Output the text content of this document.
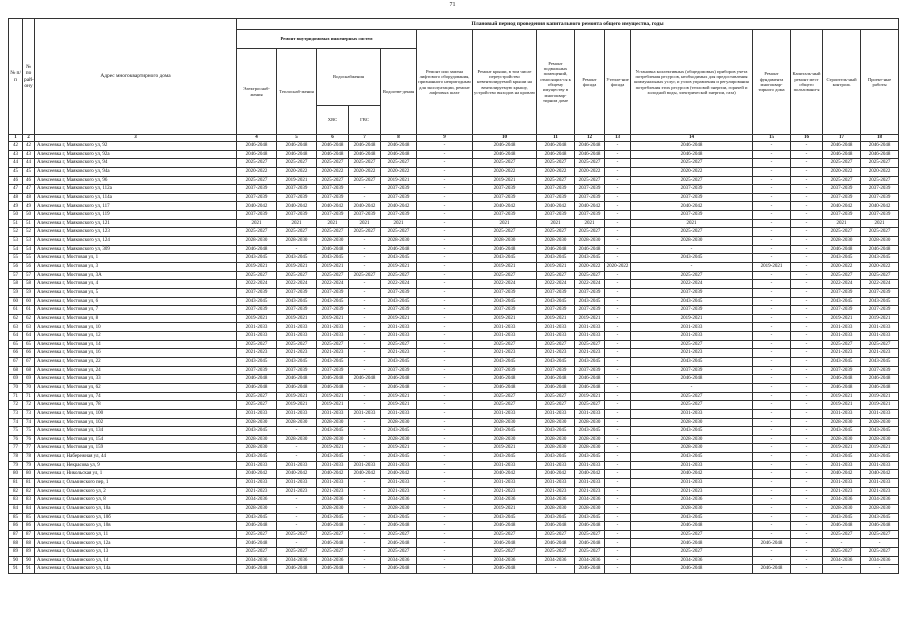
71
№ п/п	№ по рай-ону	Адрес многоквартирного дома	Плановый период проведения капитального ремонта общего имущества, годы														
			Ремонт внутридомовых инженерных систем					Ремонт или замена лифтового оборудования, признанного непригодным для эксплуатации, ремонт лифтовых шахт	Ремонт крыши, в том числе переустройство невентилируемой крыши на вентилируемую крышу, устройство выходов на кровлю	Ремонт подвальных помещений, относящих-ся к общему имуществу в многоквар-тирном доме	Ремонт фасада	Утепле-ние фасада	Установка коллективных (общедомовых) приборов учета потребления ресурсов, необходимых для предоставления коммунальных услуг, и узлов управления и регулирования потребления этих ресурсов (тепловой энергии, горячей и холодной воды, электрической энергии, газа)	Ремонт фундамента многоквар-тирного дома	Капиталь-ный ремонт мест общего пользовани-я	Строитель-ный контроль	Проект-ные работы
			Электроснаб-жения	Теплоснаб-жения	Водоснабжения		Водоотве-дения										
					ХВС	ГВС											
1	2	3	4	5	6	7	8	9	10	11	12	13	14	15	16	17	18
42	42	Алексеевка г, Маяковского ул, 92	2046-2048	2046-2048	2046-2048	2046-2048	2046-2048	-	2046-2048	2046-2048	2046-2048	-	2046-2048	-	-	2046-2048	2046-2048
43	43	Алексеевка г, Маяковского ул, 92а	2046-2048	2046-2048	2046-2048	2046-2048	2046-2048	-	2046-2048	2046-2048	2046-2048	-	2046-2048	-	-	2046-2048	2046-2048
44	44	Алексеевка г, Маяковского ул, 94	2025-2027	2025-2027	2025-2027	2025-2027	2025-2027	-	2025-2027	2025-2027	2025-2027	-	2025-2027	-	-	2025-2027	2025-2027
45	45	Алексеевка г, Маяковского ул, 94а	2020-2022	2020-2022	2020-2022	2020-2022	2020-2022	-	2020-2022	2020-2022	2020-2022	-	2020-2022	-	-	2020-2022	2020-2022
46	46	Алексеевка г, Маяковского ул, 96	2025-2027	2019-2021	2025-2027	2025-2027	2019-2021	-	2019-2021	2025-2027	2025-2027	-	2025-2027	-	-	2025-2027	2025-2027
47	47	Алексеевка г, Маяковского ул, 112а	2037-2039	2037-2039	2037-2039	-	2037-2039	-	2037-2039	2037-2039	2037-2039	-	2037-2039	-	-	2037-2039	2037-2039
48	48	Алексеевка г, Маяковского ул, 114а	2037-2039	2037-2039	2037-2039	-	2037-2039	-	2037-2039	2037-2039	2037-2039	-	2037-2039	-	-	2037-2039	2037-2039
49	49	Алексеевка г, Маяковского ул, 117	2040-2042	2040-2042	2040-2042	2040-2042	2040-2042	-	2040-2042	2040-2042	2040-2042	-	2040-2042	-	-	2040-2042	2040-2042
50	50	Алексеевка г, Маяковского ул, 119	2037-2039	2037-2039	2037-2039	2037-2039	2037-2039	-	2037-2039	2037-2039	2037-2039	-	2037-2039	-	-	2037-2039	2037-2039
51	51	Алексеевка г, Маяковского ул, 121	2021	2021	2021	2021	2021	-	2021	2021	2021	-	2021	-	-	2021	2021
52	52	Алексеевка г, Маяковского ул, 123	2025-2027	2025-2027	2025-2027	2025-2027	2025-2027	-	2025-2027	2025-2027	2025-2027	-	2025-2027	-	-	2025-2027	2025-2027
53	53	Алексеевка г, Маяковского ул, 124	2028-2030	2028-2030	2028-2030	-	2028-2030	-	2028-2030	2028-2030	2028-2030	-	2028-2030	-	-	2028-2030	2028-2030
54	54	Алексеевка г, Маяковского ул, 309	2046-2048	-	2046-2048	-	2046-2048	-	2046-2048	2046-2048	2046-2048	-	-	-	-	2046-2048	2046-2048
55	55	Алексеевка г, Мостовая ул, 1	2043-2045	2043-2045	2043-2045	-	2043-2045	-	2043-2045	2043-2045	2043-2045	-	2043-2045	-	-	2043-2045	2043-2045
56	56	Алексеевка г, Мостовая ул, 3	2019-2021	2019-2021	2019-2021	-	2019-2021	-	2019-2021	2019-2021	2020-2022	2020-2022	-	2019-2021	-	2020-2022	2020-2022
57	57	Алексеевка г, Мостовая ул, 3А	2025-2027	2025-2027	2025-2027	2025-2027	2025-2027	-	2025-2027	2025-2027	2025-2027	-	2025-2027	-	-	2025-2027	2025-2027
58	58	Алексеевка г, Мостовая ул, 4	2022-2024	2022-2024	2022-2024	-	2022-2024	-	2022-2024	2022-2024	2022-2024	-	2022-2024	-	-	2022-2024	2022-2024
59	59	Алексеевка г, Мостовая ул, 5	2037-2039	2037-2039	2037-2039	-	2037-2039	-	2037-2039	2037-2039	2037-2039	-	2037-2039	-	-	2037-2039	2037-2039
60	60	Алексеевка г, Мостовая ул, 6	2043-2045	2043-2045	2043-2045	-	2043-2045	-	2043-2045	2043-2045	2043-2045	-	2043-2045	-	-	2043-2045	2043-2045
61	61	Алексеевка г, Мостовая ул, 7	2037-2039	2037-2039	2037-2039	-	2037-2039	-	2037-2039	2037-2039	2037-2039	-	2037-2039	-	-	2037-2039	2037-2039
62	62	Алексеевка г, Мостовая ул, 8	2019-2021	2019-2021	2019-2021	-	2019-2021	-	2019-2021	2019-2021	2019-2021	-	2019-2021	-	-	2019-2021	2019-2021
63	63	Алексеевка г, Мостовая ул, 10	2031-2033	2031-2033	2031-2033	-	2031-2033	-	2031-2033	2031-2033	2031-2033	-	2031-2033	-	-	2031-2033	2031-2033
64	64	Алексеевка г, Мостовая ул, 12	2031-2033	2031-2033	2031-2033	-	2031-2033	-	2031-2033	2031-2033	2031-2033	-	2031-2033	-	-	2031-2033	2031-2033
65	65	Алексеевка г, Мостовая ул, 14	2025-2027	2025-2027	2025-2027	-	2025-2027	-	2025-2027	2025-2027	2025-2027	-	2025-2027	-	-	2025-2027	2025-2027
66	66	Алексеевка г, Мостовая ул, 16	2021-2023	2021-2023	2021-2023	-	2021-2023	-	2021-2023	2021-2023	2021-2023	-	2021-2023	-	-	2021-2023	2021-2023
67	67	Алексеевка г, Мостовая ул, 22	2043-2045	2043-2045	2043-2045	-	2043-2045	-	2043-2045	2043-2045	2043-2045	-	2043-2045	-	-	2043-2045	2043-2045
68	68	Алексеевка г, Мостовая ул, 24	2037-2039	2037-2039	2037-2039	-	2037-2039	-	2037-2039	2037-2039	2037-2039	-	2037-2039	-	-	2037-2039	2037-2039
69	69	Алексеевка г, Мостовая ул, 33	2046-2048	2046-2048	2046-2048	2046-2048	2046-2048	-	2046-2048	2046-2048	2046-2048	-	2046-2048	-	-	2046-2048	2046-2048
70	70	Алексеевка г, Мостовая ул, 62	2046-2048	2046-2048	2046-2048	-	2046-2048	-	2046-2048	2046-2048	2046-2048	-	-	-	-	2046-2048	2046-2048
71	71	Алексеевка г, Мостовая ул, 74	2025-2027	2019-2021	2019-2021	-	2019-2021	-	2025-2027	2025-2027	2019-2021	-	2025-2027	-	-	2019-2021	2019-2021
72	72	Алексеевка г, Мостовая ул, 78	2025-2027	2019-2021	2019-2021	-	2019-2021	-	2025-2027	2025-2027	2025-2027	-	2025-2027	-	-	2019-2021	2019-2021
73	73	Алексеевка г, Мостовая ул, 100	2031-2033	2031-2033	2031-2033	2031-2033	2031-2033	-	2031-2033	2031-2033	2031-2033	-	2031-2033	-	-	2031-2033	2031-2033
74	74	Алексеевка г, Мостовая ул, 102	2028-2030	2028-2030	2028-2030	-	2028-2030	-	2028-2030	2028-2030	2028-2030	-	2028-2030	-	-	2028-2030	2028-2030
75	75	Алексеевка г, Мостовая ул, 134	2043-2045	-	2043-2045	-	2043-2045	-	2043-2045	2043-2045	2043-2045	-	2043-2045	-	-	2043-2045	2043-2045
76	76	Алексеевка г, Мостовая ул, 154	2028-2030	2028-2030	2028-2030	-	2028-2030	-	2028-2030	2028-2030	2028-2030	-	2028-2030	-	-	2028-2030	2028-2030
77	77	Алексеевка г, Мостовая ул, 159	2028-2030	-	2019-2021	-	2019-2021	-	2019-2021	2028-2030	2028-2030	-	2028-2030	-	-	2019-2021	2019-2021
78	78	Алексеевка г, Набережная ул, 44	2043-2045	-	2043-2045	-	2043-2045	-	2043-2045	2043-2045	2043-2045	-	2043-2045	-	-	2043-2045	2043-2045
79	79	Алексеевка г, Некрасова ул, 9	2031-2033	2031-2033	2031-2033	2031-2033	2031-2033	-	2031-2033	2031-2033	2031-2033	-	2031-2033	-	-	2031-2033	2031-2033
80	80	Алексеевка г, Никольская ул, 1	2040-2042	2040-2042	2040-2042	2040-2042	2040-2042	-	2040-2042	2040-2042	2040-2042	-	2040-2042	-	-	2040-2042	2040-2042
81	81	Алексеевка г, Ольминского пер, 1	2031-2033	2031-2033	2031-2033	-	2031-2033	-	2031-2033	2031-2033	2031-2033	-	2031-2033	-	-	2031-2033	2031-2033
82	82	Алексеевка г, Ольминского ул, 2	2021-2023	2021-2023	2021-2023	-	2021-2023	-	2021-2023	2021-2023	2021-2023	-	2021-2023	-	-	2021-2023	2021-2023
83	83	Алексеевка г, Ольминского ул, 8	2034-2036	-	2034-2036	-	2034-2036	-	2034-2036	2034-2036	2034-2036	-	2034-2036	-	-	2034-2036	2034-2036
84	84	Алексеевка г, Ольминского ул, 10а	2028-2030	-	2028-2030	-	2028-2030	-	2019-2021	2028-2030	2028-2030	-	2028-2030	-	-	2028-2030	2028-2030
85	85	Алексеевка г, Ольминского ул, 10б	2043-2045	-	2043-2045	-	2043-2045	-	2043-2045	2043-2045	2043-2045	-	2043-2045	-	-	2043-2045	2043-2045
86	86	Алексеевка г, Ольминского ул, 10в	2046-2048	-	2046-2048	-	2046-2048	-	2046-2048	2046-2048	2046-2048	-	2046-2048	-	-	2046-2048	2046-2048
87	87	Алексеевка г, Ольминского ул, 11	2025-2027	2025-2027	2025-2027	-	2025-2027	-	2025-2027	2025-2027	2025-2027	-	2025-2027	-	-	2025-2027	2025-2027
88	88	Алексеевка г, Ольминского ул, 12а	2046-2048	-	2046-2048	-	2046-2048	-	2046-2048	2046-2048	2046-2048	-	2046-2048	2046-2048	-	-	-
89	89	Алексеевка г, Ольминского ул, 13	2025-2027	2025-2027	2025-2027	-	2025-2027	-	2025-2027	2025-2027	2025-2027	-	2025-2027	-	-	2025-2027	2025-2027
90	90	Алексеевка г, Ольминского ул, 14	2034-2036	2034-2036	2034-2036	-	2034-2036	-	2034-2036	2034-2036	2034-2036	-	2034-2036	-	-	2034-2036	2034-2036
91	91	Алексеевка г, Ольминского ул, 14а	2046-2048	2046-2048	2046-2048	-	2046-2048	-	2046-2048	-	2046-2048	-	2046-2048	2046-2048	-	-	-
